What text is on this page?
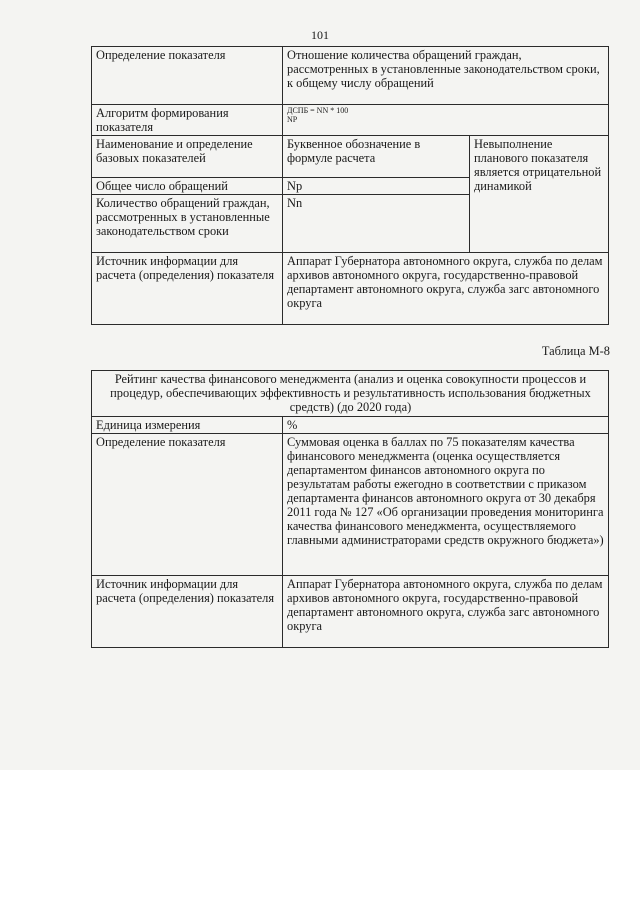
101
Определение показателя	Отношение количества обращений граждан, рассмотренных в установленные законодательством сроки, к общему числу обращений	
Алгоритм формирования показателя	ДСПБ = NN * 100
NP	

Наименование и определение базовых показателей	Буквенное обозначение в формуле расчета	Невыполнение планового показателя является отрицательной динамикой
Общее число обращений	Np	
Количество обращений граждан, рассмотренных в установленные законодательством сроки	Nn	
Источник информации для расчета (определения) показателя	Аппарат Губернатора автономного округа, служба по делам архивов автономного округа, государственно-правовой департамент автономного округа, служба загс автономного округа	
Таблица М-8
Рейтинг качества финансового менеджмента (анализ и оценка совокупности процессов и процедур, обеспечивающих эффективность и результативность использования бюджетных средств) (до 2020 года)	
Единица измерения	%
Определение показателя	Суммовая оценка в баллах по 75 показателям качества финансового менеджмента (оценка осуществляется департаментом финансов автономного округа по результатам работы ежегодно в соответствии с приказом департамента финансов автономного округа от 30 декабря 2011 года № 127 «Об организации проведения мониторинга качества финансового менеджмента, осуществляемого главными администраторами средств окружного бюджета»)
Источник информации для расчета (определения) показателя	Аппарат Губернатора автономного округа, служба по делам архивов автономного округа, государственно-правовой департамент автономного округа, служба загс автономного округа
